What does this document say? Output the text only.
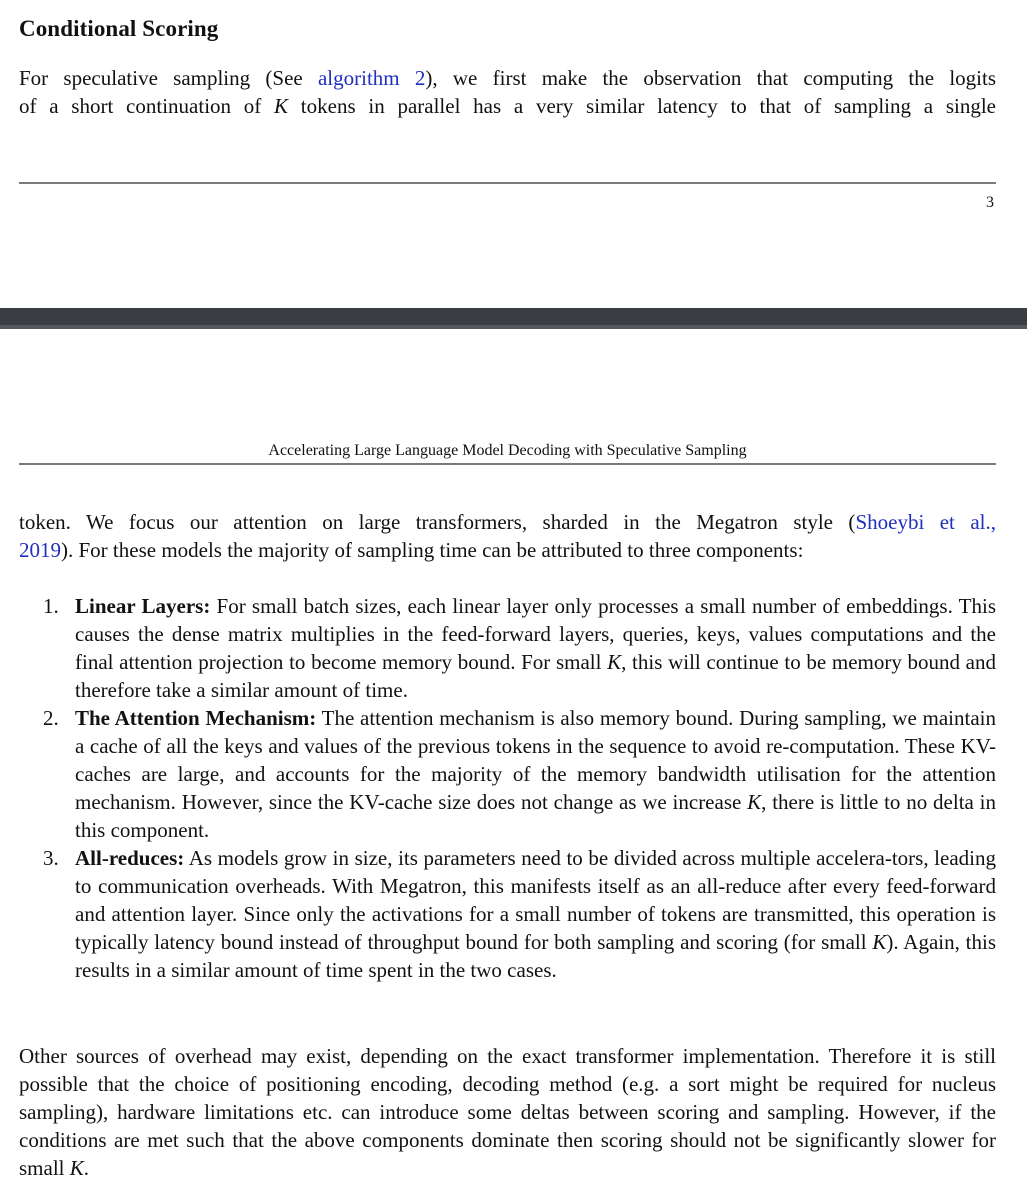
Conditional Scoring

For speculative sampling (See algorithm 2), we first make the observation that computing the logits

of a short continuation of K tokens in parallel has a very similar latency to that of sampling a single

3
Accelerating Large Language Model Decoding with Speculative Sampling

token. We focus our attention on large transformers, sharded in the Megatron style (Shoeybi et al.,

2019). For these models the majority of sampling time can be attributed to three components:

1. Linear Layers: For small batch sizes, each linear layer only processes a small number of embeddings. This causes the dense matrix multiplies in the feed-forward layers, queries, keys, values computations and the final attention projection to become memory bound. For small K, this will continue to be memory bound and therefore take a similar amount of time.
2. The Attention Mechanism: The attention mechanism is also memory bound. During sampling, we maintain a cache of all the keys and values of the previous tokens in the sequence to avoid re-computation. These KV-caches are large, and accounts for the majority of the memory bandwidth utilisation for the attention mechanism. However, since the KV-cache size does not change as we increase K, there is little to no delta in this component.
3. All-reduces: As models grow in size, its parameters need to be divided across multiple accelera-tors, leading to communication overheads. With Megatron, this manifests itself as an all-reduce after every feed-forward and attention layer. Since only the activations for a small number of tokens are transmitted, this operation is typically latency bound instead of throughput bound for both sampling and scoring (for small K). Again, this results in a similar amount of time spent in the two cases.

Other sources of overhead may exist, depending on the exact transformer implementation. Therefore it is still possible that the choice of positioning encoding, decoding method (e.g. a sort might be required for nucleus sampling), hardware limitations etc. can introduce some deltas between scoring and sampling. However, if the conditions are met such that the above components dominate then scoring should not be significantly slower for small K.
